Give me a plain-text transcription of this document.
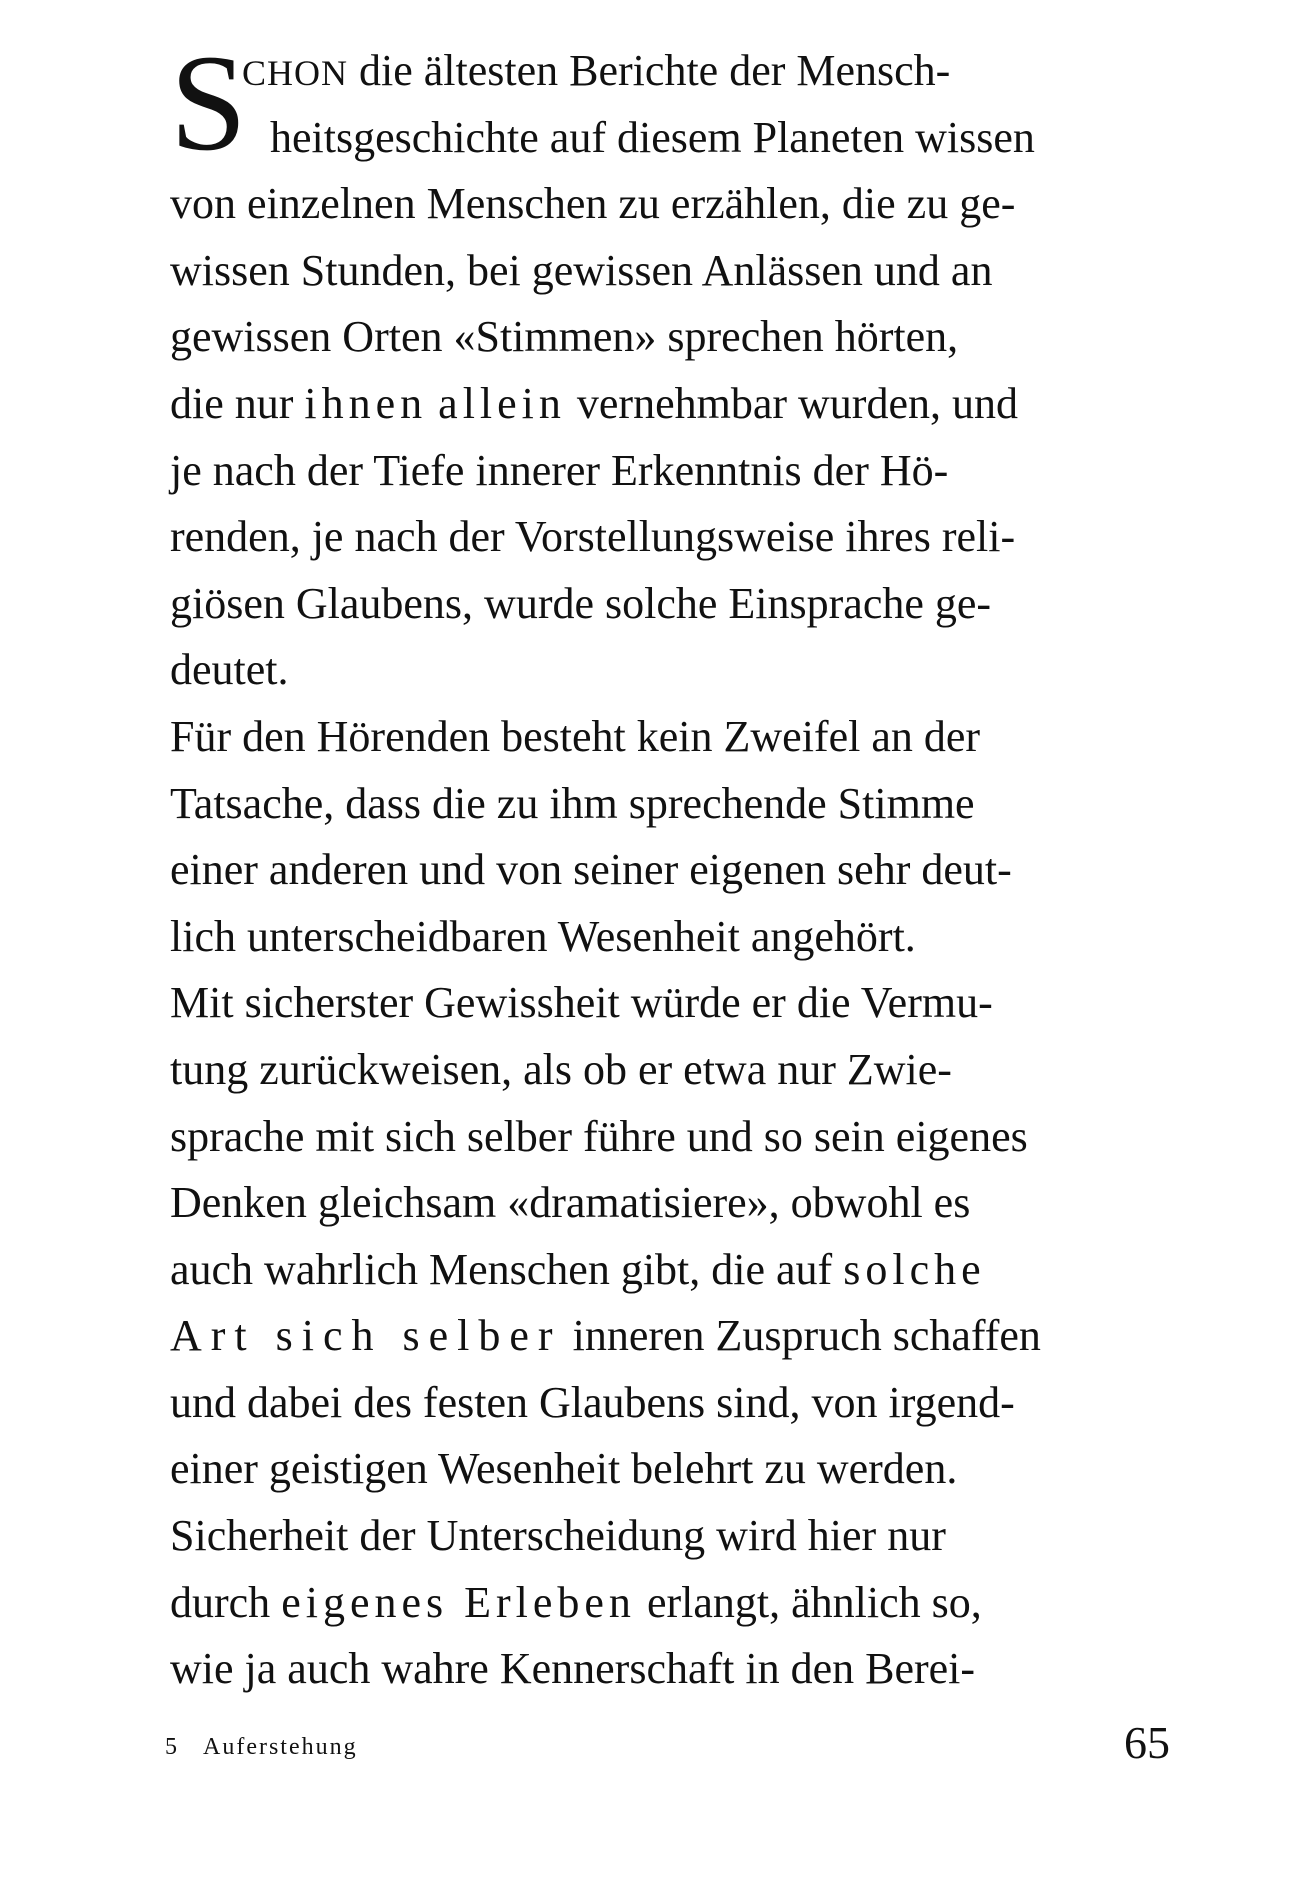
S
CHON die ältesten Berichte der Mensch-
heitsgeschichte auf diesem Planeten wissen
von einzelnen Menschen zu erzählen, die zu ge-
wissen Stunden, bei gewissen Anlässen und an
gewissen Orten «Stimmen» sprechen hörten,
die nur ihnen allein vernehmbar wurden, und
je nach der Tiefe innerer Erkenntnis der Hö-
renden, je nach der Vorstellungsweise ihres reli-
giösen Glaubens, wurde solche Einsprache ge-
deutet.
Für den Hörenden besteht kein Zweifel an der
Tatsache, dass die zu ihm sprechende Stimme
einer anderen und von seiner eigenen sehr deut-
lich unterscheidbaren Wesenheit angehört.
Mit sicherster Gewissheit würde er die Vermu-
tung zurückweisen, als ob er etwa nur Zwie-
sprache mit sich selber führe und so sein eigenes
Denken gleichsam «dramatisiere», obwohl es
auch wahrlich Menschen gibt, die auf solche
Art sich selber inneren Zuspruch schaffen
und dabei des festen Glaubens sind, von irgend-
einer geistigen Wesenheit belehrt zu werden.
Sicherheit der Unterscheidung wird hier nur
durch eigenes Erleben erlangt, ähnlich so,
wie ja auch wahre Kennerschaft in den Berei-
5 Auferstehung	65
